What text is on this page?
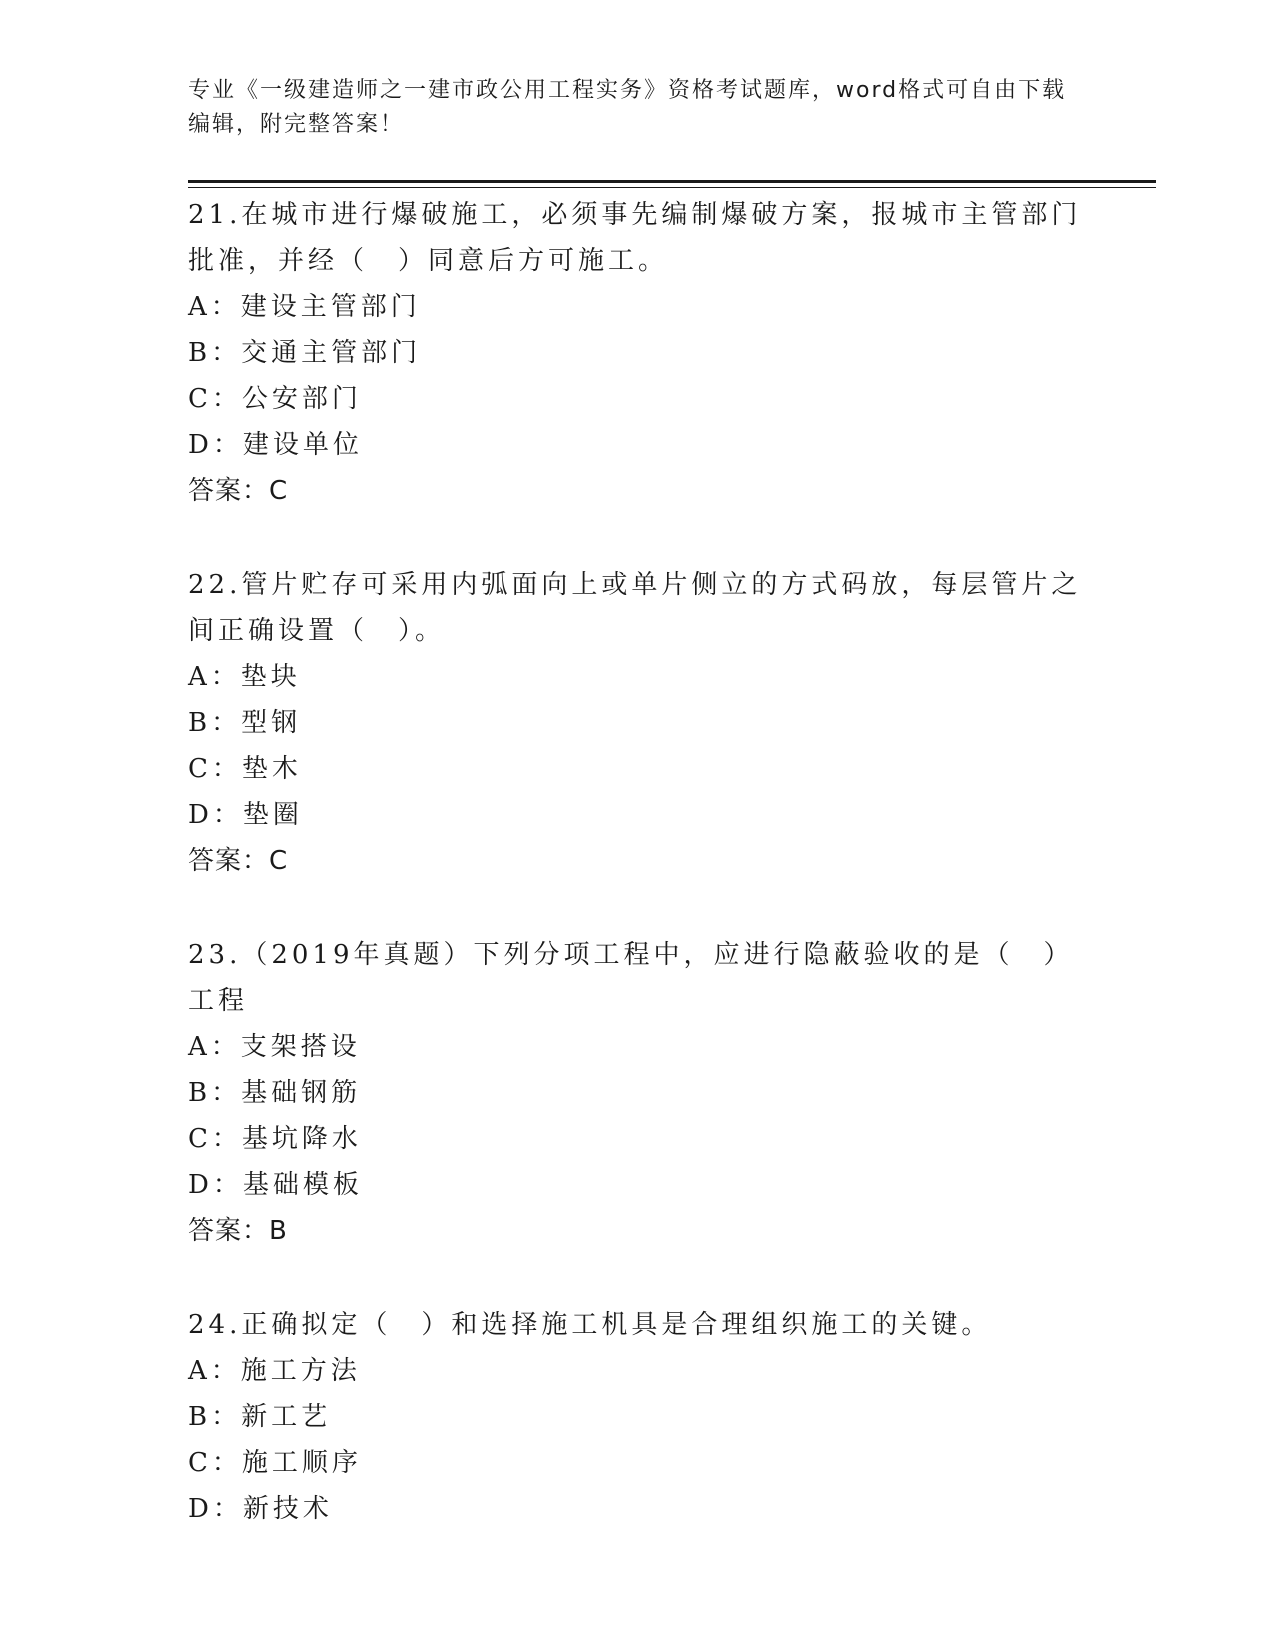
专业《一级建造师之一建市政公用工程实务》资格考试题库，word格式可自由下载编辑，附完整答案！
21.在城市进行爆破施工，必须事先编制爆破方案，报城市主管部门批准，并经（　）同意后方可施工。
A：建设主管部门
B：交通主管部门
C：公安部门
D：建设单位
答案：C
22.管片贮存可采用内弧面向上或单片侧立的方式码放，每层管片之间正确设置（　）。
A：垫块
B：型钢
C：垫木
D：垫圈
答案：C
23.（2019年真题）下列分项工程中，应进行隐蔽验收的是（　）工程
A：支架搭设
B：基础钢筋
C：基坑降水
D：基础模板
答案：B
24.正确拟定（　）和选择施工机具是合理组织施工的关键。
A：施工方法
B：新工艺
C：施工顺序
D：新技术
